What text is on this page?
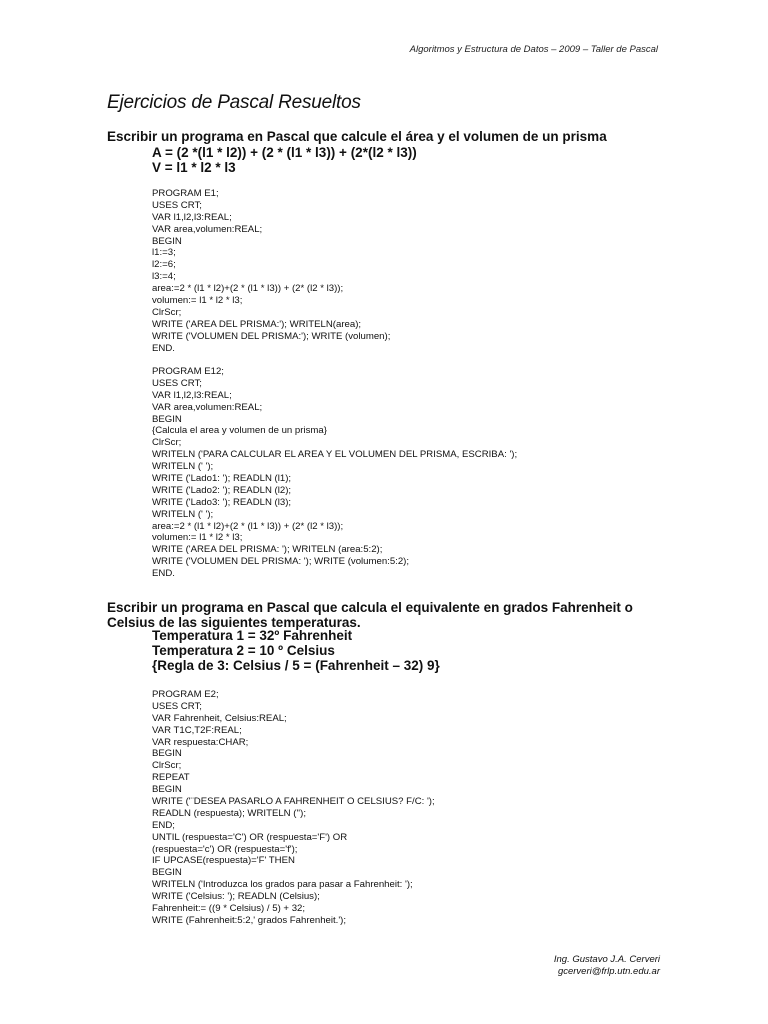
Algoritmos y Estructura de Datos – 2009 – Taller de Pascal
Ejercicios de Pascal Resueltos
Escribir un programa en Pascal que calcule el área y el volumen de un prisma
A = (2 *(l1 * l2)) + (2 * (l1 * l3)) + (2*(l2 * l3))
V = l1 * l2 * l3
PROGRAM E1;
USES CRT;
VAR l1,l2,l3:REAL;
VAR area,volumen:REAL;
BEGIN
l1:=3;
l2:=6;
l3:=4;
area:=2 * (l1 * l2)+(2 * (l1 * l3)) + (2* (l2 * l3));
volumen:= l1 * l2 * l3;
ClrScr;
WRITE ('AREA DEL PRISMA:'); WRITELN(area);
WRITE ('VOLUMEN DEL PRISMA:'); WRITE (volumen);
END.
PROGRAM E12;
USES CRT;
VAR l1,l2,l3:REAL;
VAR area,volumen:REAL;
BEGIN
{Calcula el area y volumen de un prisma}
ClrScr;
WRITELN ('PARA CALCULAR EL AREA Y EL VOLUMEN DEL PRISMA, ESCRIBA: ');
WRITELN (' ');
WRITE ('Lado1: '); READLN (l1);
WRITE ('Lado2: '); READLN (l2);
WRITE ('Lado3: '); READLN (l3);
WRITELN (' ');
area:=2 * (l1 * l2)+(2 * (l1 * l3)) + (2* (l2 * l3));
volumen:= l1 * l2 * l3;
WRITE ('AREA DEL PRISMA: '); WRITELN (area:5:2);
WRITE ('VOLUMEN DEL PRISMA: '); WRITE (volumen:5:2);
END.
Escribir un programa en Pascal que calcula el equivalente en grados Fahrenheit o Celsius de las siguientes temperaturas.
Temperatura 1 = 32º Fahrenheit
Temperatura 2 = 10 º Celsius
{Regla de 3: Celsius / 5 = (Fahrenheit – 32) 9}
PROGRAM E2;
USES CRT;
VAR Fahrenheit, Celsius:REAL;
VAR T1C,T2F:REAL;
VAR respuesta:CHAR;
BEGIN
ClrScr;
REPEAT
BEGIN
WRITE ('¨DESEA PASARLO A FAHRENHEIT O CELSIUS? F/C: ');
READLN (respuesta); WRITELN ('');
END;
UNTIL (respuesta='C') OR (respuesta='F') OR
(respuesta='c') OR (respuesta='f');
IF UPCASE(respuesta)='F' THEN
BEGIN
WRITELN ('Introduzca los grados para pasar a Fahrenheit: ');
WRITE ('Celsius: '); READLN (Celsius);
Fahrenheit:= ((9 * Celsius) / 5) + 32;
WRITE (Fahrenheit:5:2,' grados Fahrenheit.');
Ing. Gustavo J.A. Cerveri
gcerveri@frlp.utn.edu.ar
